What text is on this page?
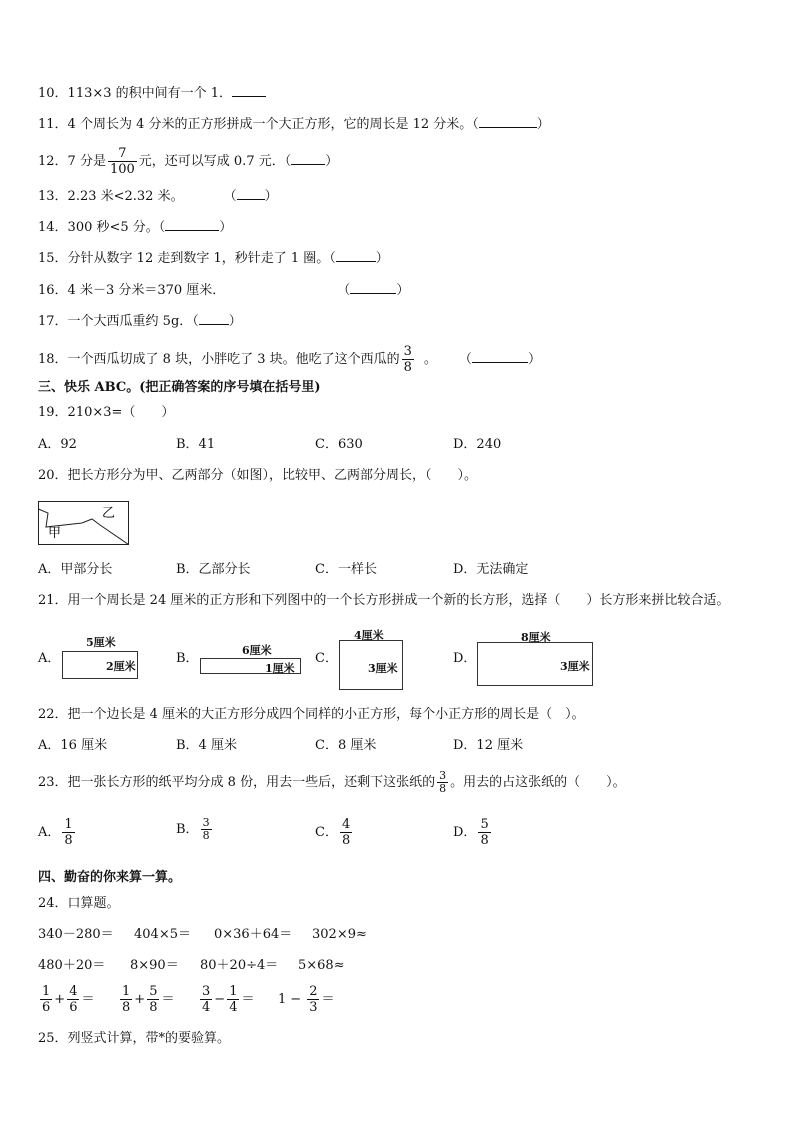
10．113×3 的积中间有一个 1．
11．4 个周长为 4 分米的正方形拼成一个大正方形，它的周长是 12 分米。（	）
12．7 分是 $\frac{7}{100}$ 元，还可以写成 0.7 元．（	）
13．2.23 米<2.32 米。	（ ）
14．300 秒<5 分。（	）
15．分针从数字 12 走到数字 1，秒针走了 1 圈。（	）
16．4 米－3 分米＝370 厘米．	（	）
17．一个大西瓜重约 5g．（ ）
18．一个西瓜切成了 8 块，小胖吃了 3 块。他吃了这个西瓜的 $\frac{3}{8}$ 。 （	）
三、快乐 ABC。(把正确答案的序号填在括号里)
19．210×3=（　　）
A．92	B．41	C．630	D．240
20．把长方形分为甲、乙两部分（如图），比较甲、乙两部分周长，（　　）。
甲
乙
A．甲部分长	B．乙部分长	C．一样长	D．无法确定
21．用一个周长是 24 厘米的正方形和下列图中的一个长方形拼成一个新的长方形，选择（　　）长方形来拼比较合适。
A．
5厘米
2厘米
B．
6厘米
1厘米
C．
4厘米
3厘米
D．
8厘米
3厘米
22．把一个边长是 4 厘米的大正方形分成四个同样的小正方形，每个小正方形的周长是（　）。
A．16 厘米	B．4 厘米	C．8 厘米	D．12 厘米
23．把一张长方形的纸平均分成 8 份，用去一些后，还剩下这张纸的 $\frac{3}{8}$ 。用去的占这张纸的（　　）。
A． $\frac{1}{8}$	B． $\frac{3}{8}$	C． $\frac{4}{8}$	D． $\frac{5}{8}$
四、勤奋的你来算一算。
24．口算题。
340－280＝ 404×5＝ 0×36＋64＝ 302×9≈
480＋20＝ 8×90＝ 80＋20÷4＝ 5×68≈
$\frac{1}{6} + \frac{4}{6} = \frac{1}{8} + \frac{5}{8} = \frac{3}{4} - \frac{1}{4} = 1 - \frac{2}{3}$ ＝
25．列竖式计算，带*的要验算。
